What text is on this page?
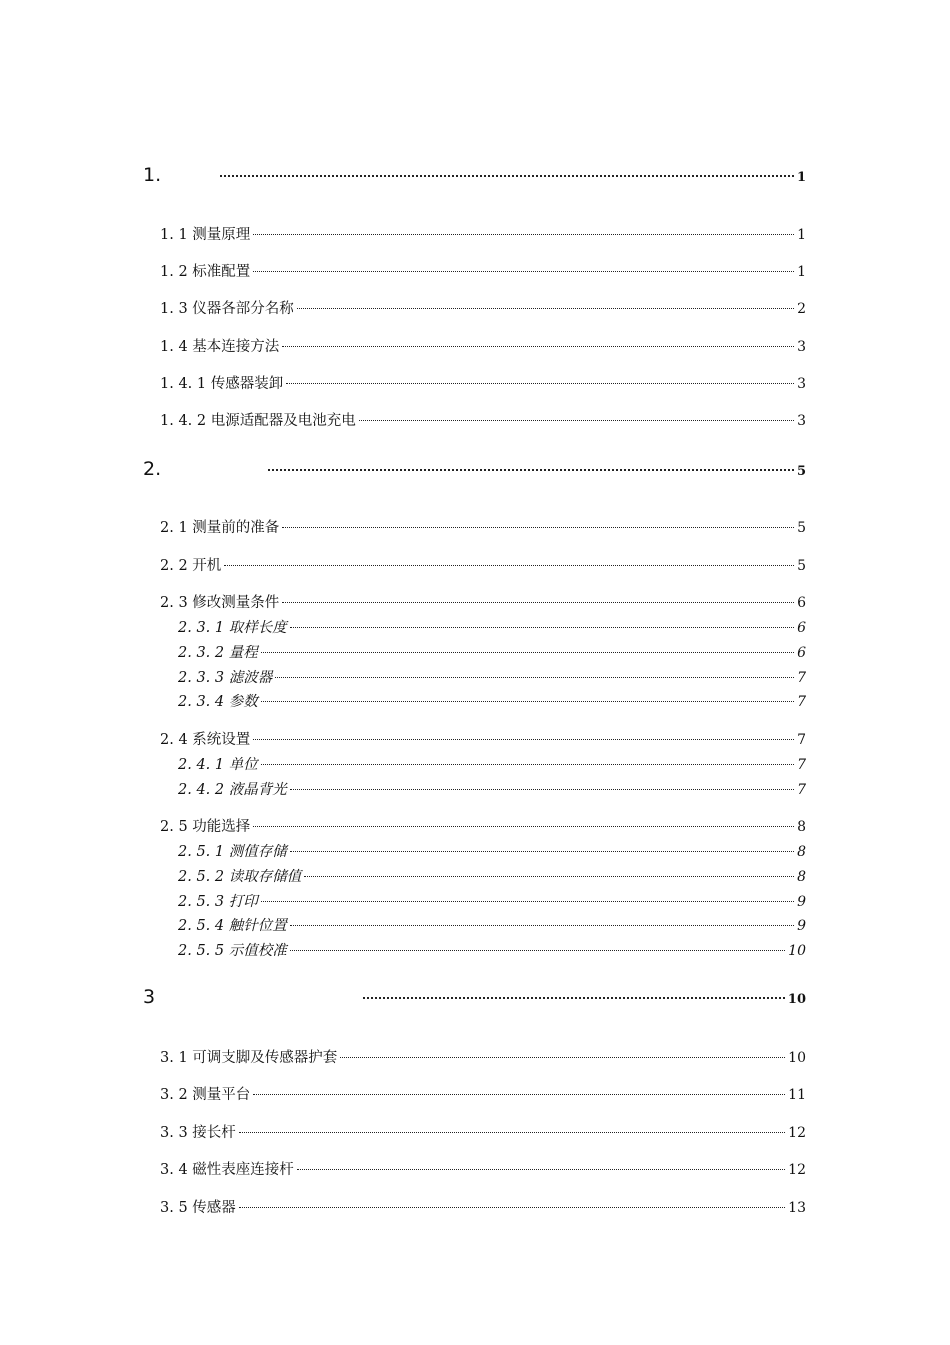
1.	1
1. 1 测量原理	1
1. 2 标准配置	1
1. 3 仪器各部分名称	2
1. 4 基本连接方法	3
1. 4. 1 传感器装卸	3
1. 4. 2 电源适配器及电池充电	3
2.	5
2. 1 测量前的准备	5
2. 2 开机	5
2. 3 修改测量条件	6
2. 3. 1 取样长度	6
2. 3. 2 量程	6
2. 3. 3 滤波器	7
2. 3. 4 参数	7
2. 4 系统设置	7
2. 4. 1 单位	7
2. 4. 2 液晶背光	7
2. 5 功能选择	8
2. 5. 1 测值存储	8
2. 5. 2 读取存储值	8
2. 5. 3 打印	9
2. 5. 4 触针位置	9
2. 5. 5 示值校准	10
3	10
3. 1 可调支脚及传感器护套	10
3. 2 测量平台	11
3. 3 接长杆	12
3. 4 磁性表座连接杆	12
3. 5 传感器	13
